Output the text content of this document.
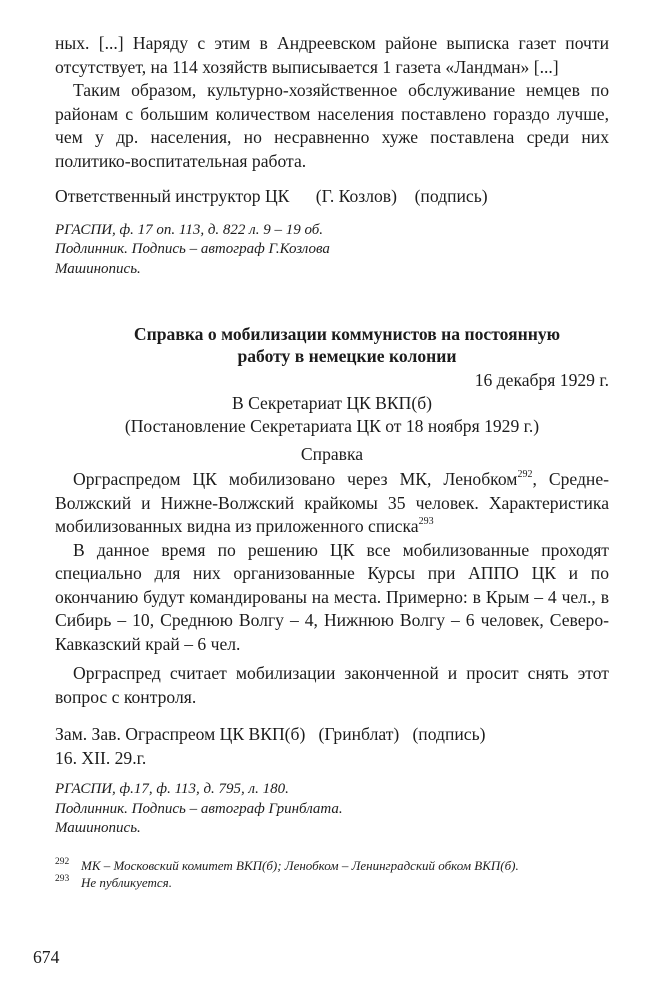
ных. [...] Наряду с этим в Андреевском районе выписка газет почти отсутствует, на 114 хозяйств выписывается 1 газета «Ландман» [...]

Таким образом, культурно-хозяйственное обслуживание немцев по районам с большим количеством населения поставлено гораздо лучше, чем у др. населения, но несравненно хуже поставлена среди них политико-воспитательная работа.

Ответственный инструктор ЦК      (Г. Козлов)    (подпись)

РГАСПИ, ф. 17 оп. 113, д. 822 л. 9 – 19 об.

Подлинник. Подпись – автограф Г.Козлова

Машинопись.

Справка о мобилизации коммунистов на постоянную

работу в немецкие колонии

16 декабря 1929 г.

В Секретариат ЦК ВКП(б)

(Постановление Секретариата ЦК от 18 ноября 1929 г.)

Справка

Орграспредом ЦК мобилизовано через МК, Ленобком$^{292}$, Средне-Волжский и Нижне-Волжский крайкомы 35 человек. Характеристика мобилизованных видна из приложенного списка$^{293}$

В данное время по решению ЦК все мобилизованные проходят специально для них организованные Курсы при АППО ЦК и по окончанию будут командированы на места. Примерно: в Крым – 4 чел., в Сибирь – 10, Среднюю Волгу – 4, Нижнюю Волгу – 6 человек, Северо-Кавказский край – 6 чел.

Орграспред считает мобилизации законченной и просит снять этот вопрос с контроля.

Зам. Зав. Ограспреом ЦК ВКП(б)   (Гринблат)   (подпись)

16. XII. 29.г.

РГАСПИ, ф.17, ф. 113, д. 795, л. 180.

Подлинник. Подпись – автограф Гринблата.

Машинопись.

292 МК – Московский комитет ВКП(б); Ленобком – Ленинградский обком ВКП(б).

293 Не публикуется.

674
